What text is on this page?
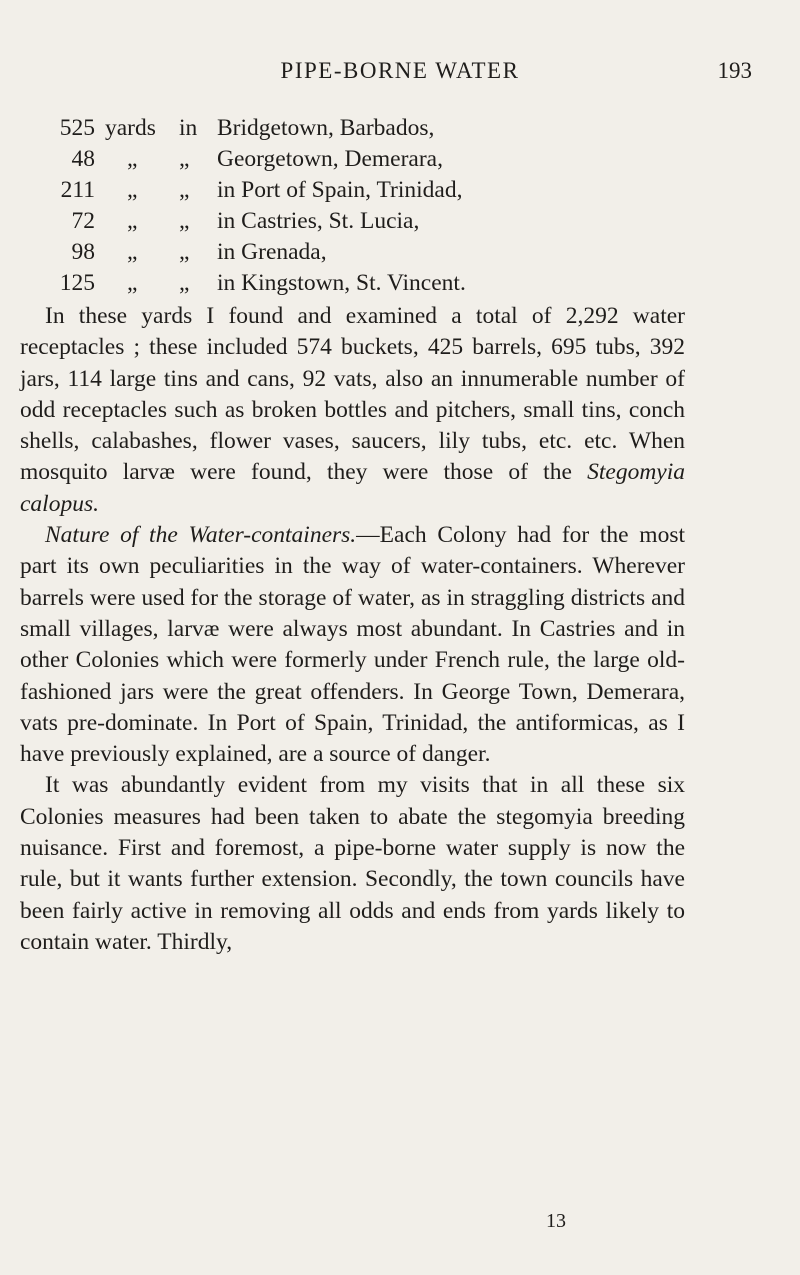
PIPE-BORNE WATER	193
525 yards in Bridgetown, Barbados,
48 „ „ Georgetown, Demerara,
211 „ „ in Port of Spain, Trinidad,
72 „ „ in Castries, St. Lucia,
98 „ „ in Grenada,
125 „ „ in Kingstown, St. Vincent.

In these yards I found and examined a total of 2,292 water receptacles ; these included 574 buckets, 425 barrels, 695 tubs, 392 jars, 114 large tins and cans, 92 vats, also an innumerable number of odd receptacles such as broken bottles and pitchers, small tins, conch shells, calabashes, flower vases, saucers, lily tubs, etc. etc. When mosquito larvæ were found, they were those of the Stegomyia calopus.

Nature of the Water-containers.—Each Colony had for the most part its own peculiarities in the way of water-containers. Wherever barrels were used for the storage of water, as in straggling districts and small villages, larvæ were always most abundant. In Castries and in other Colonies which were formerly under French rule, the large old-fashioned jars were the great offenders. In George Town, Demerara, vats pre-dominate. In Port of Spain, Trinidad, the antiformicas, as I have previously explained, are a source of danger.

It was abundantly evident from my visits that in all these six Colonies measures had been taken to abate the stegomyia breeding nuisance. First and foremost, a pipe-borne water supply is now the rule, but it wants further extension. Secondly, the town councils have been fairly active in removing all odds and ends from yards likely to contain water. Thirdly,

13
